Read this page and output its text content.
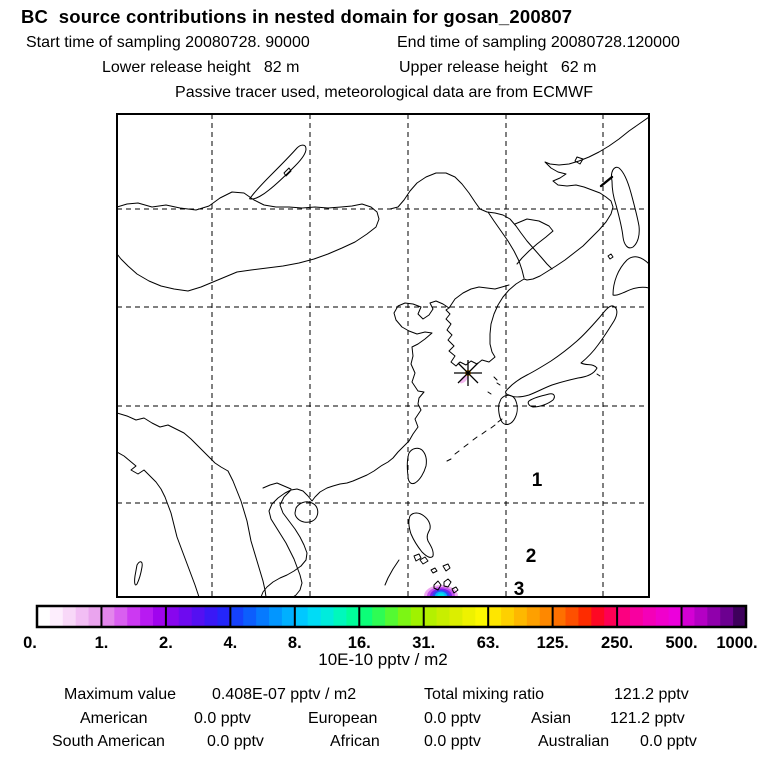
BC  source contributions in nested domain for gosan_200807
Start time of sampling 20080728. 90000	End time of sampling 20080728.120000
Lower release height   82 m	Upper release height   62 m
Passive tracer used, meteorological data are from ECMWF
1
2
3
0.	1.	2.	4.	8.	16.	31.	63. 125. 250. 500. 1000.
10E-10 pptv / m2
Maximum value 0.408E-07 pptv / m2	Total mixing ratio	121.2 pptv
American	0.0 pptv	European	0.0 pptv	Asian 121.2 pptv
South American	0.0 pptv	African	0.0 pptv	Australian 0.0 pptv
